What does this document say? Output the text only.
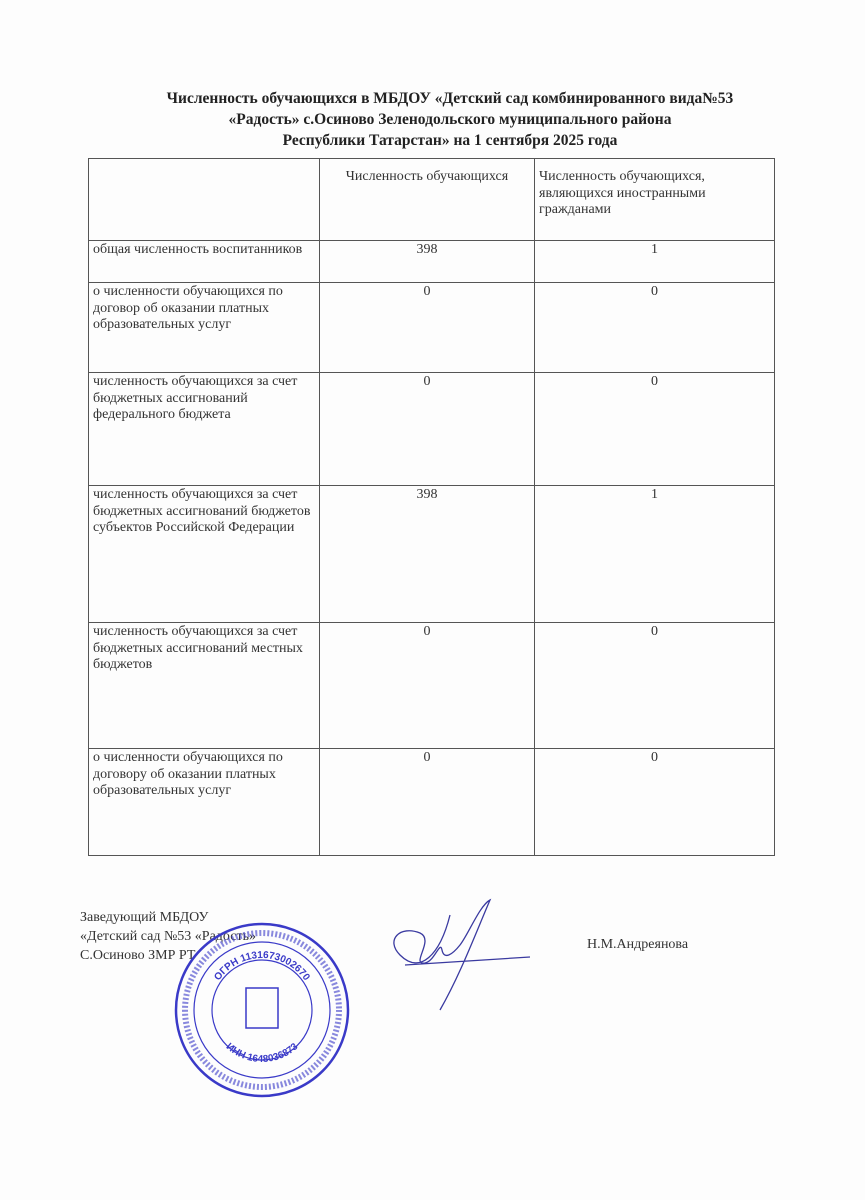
Численность обучающихся в МБДОУ «Детский сад комбинированного вида№53
«Радость» с.Осиново Зеленодольского муниципального района
Республики Татарстан» на 1 сентября 2025 года
	Численность обучающихся	Численность обучающихся, являющихся иностранными гражданами
общая численность воспитанников	398	1
о численности обучающихся по договор об оказании платных образовательных услуг	0	0
численность обучающихся за счет бюджетных ассигнований федерального бюджета	0	0
численность обучающихся за счет бюджетных ассигнований бюджетов субъектов Российской Федерации	398	1
численность обучающихся за счет бюджетных ассигнований местных бюджетов	0	0
о численности обучающихся по договору об оказании платных образовательных услуг	0	0
Заведующий МБДОУ
«Детский сад №53 «Радость»
С.Осиново ЗМР РТ
Н.М.Андреянова
ОГРН 1131673002670
ИНН 1648036873
